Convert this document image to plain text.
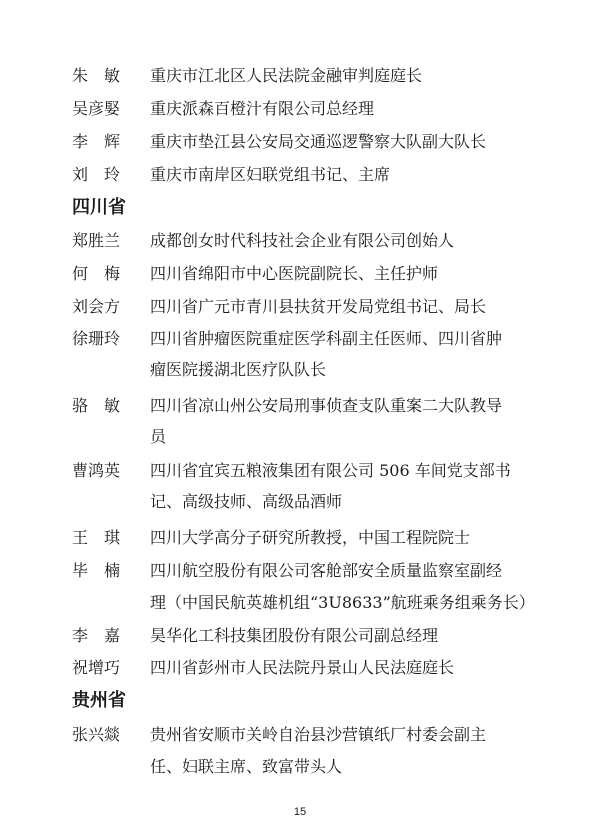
朱　敏	重庆市江北区人民法院金融审判庭庭长
吴彦婜	重庆派森百橙汁有限公司总经理
李　辉	重庆市垫江县公安局交通巡逻警察大队副大队长
刘　玲	重庆市南岸区妇联党组书记、主席
四川省
郑胜兰	成都创女时代科技社会企业有限公司创始人
何　梅	四川省绵阳市中心医院副院长、主任护师
刘会方	四川省广元市青川县扶贫开发局党组书记、局长
徐珊玲	四川省肿瘤医院重症医学科副主任医师、四川省肿
瘤医院援湖北医疗队队长
骆　敏	四川省凉山州公安局刑事侦查支队重案二大队教导
员
曹鸿英	四川省宜宾五粮液集团有限公司 506 车间党支部书
记、高级技师、高级品酒师
王　琪	四川大学高分子研究所教授，中国工程院院士
毕　楠	四川航空股份有限公司客舱部安全质量监察室副经
理（中国民航英雄机组“3U8633”航班乘务组乘务长）
李　嘉	昊华化工科技集团股份有限公司副总经理
祝增巧	四川省彭州市人民法院丹景山人民法庭庭长
贵州省
张兴燚	贵州省安顺市关岭自治县沙营镇纸厂村委会副主
任、妇联主席、致富带头人
15
